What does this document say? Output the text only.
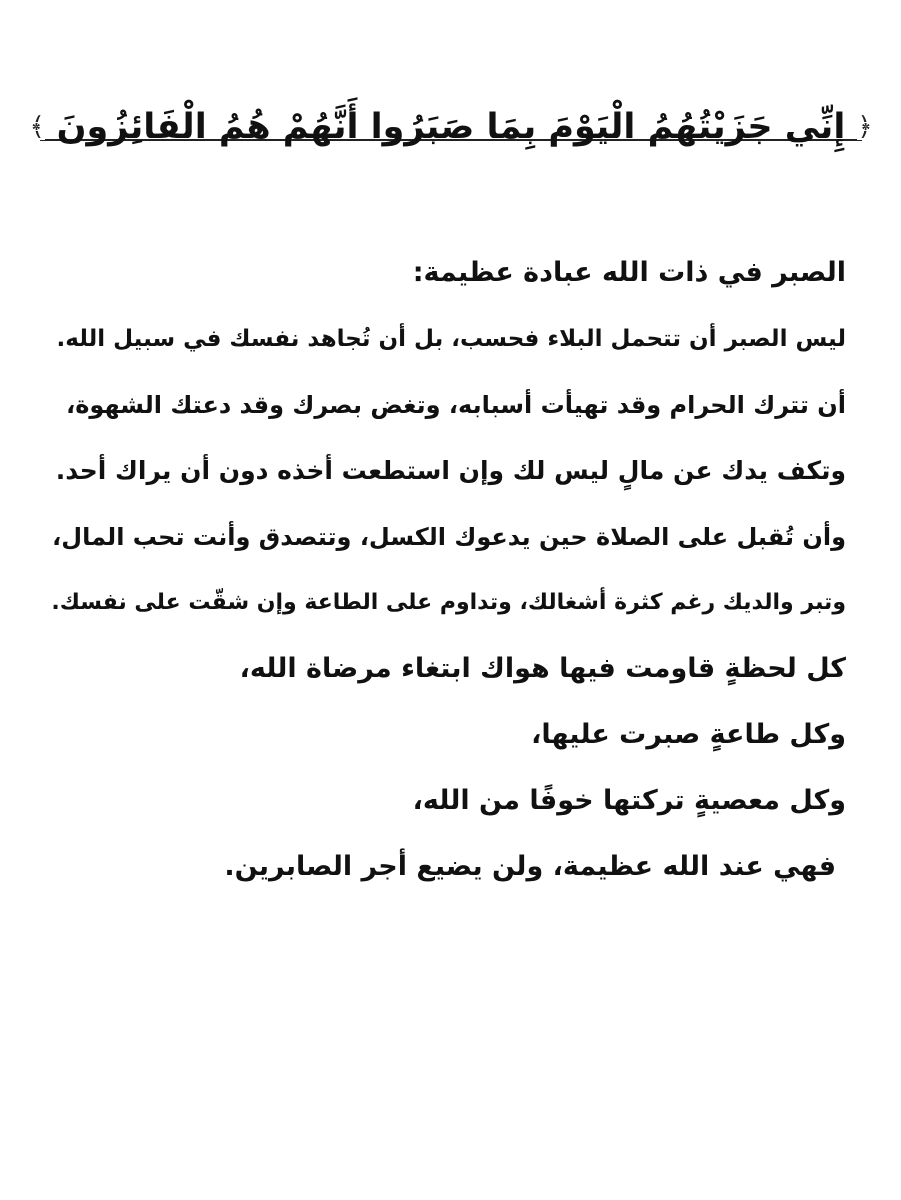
﴿
إِنِّي جَزَيْتُهُمُ الْيَوْمَ بِمَا صَبَرُوا أَنَّهُمْ هُمُ الْفَائِزُونَ
﴾
الصبر في ذات الله عبادة عظيمة:
ليس الصبر أن تتحمل البلاء فحسب، بل أن تُجاهد نفسك في سبيل الله.
أن تترك الحرام وقد تهيأت أسبابه، وتغض بصرك وقد دعتك الشهوة،
وتكف يدك عن مالٍ ليس لك وإن استطعت أخذه دون أن يراك أحد.
وأن تُقبل على الصلاة حين يدعوك الكسل، وتتصدق وأنت تحب المال،
وتبر والديك رغم كثرة أشغالك، وتداوم على الطاعة وإن شقّت على نفسك.
كل لحظةٍ قاومت فيها هواك ابتغاء مرضاة الله،
وكل طاعةٍ صبرت عليها،
وكل معصيةٍ تركتها خوفًا من الله،
فهي عند الله عظيمة، ولن يضيع أجر الصابرين.
